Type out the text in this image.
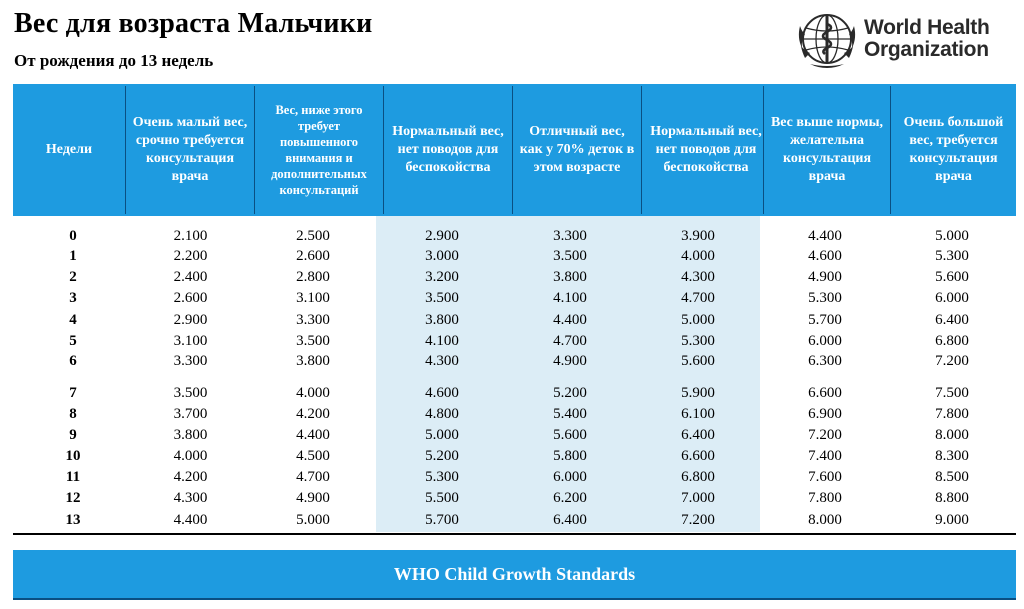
Вес для возраста Мальчики
От рождения до 13 недель
World Health
Organization
Недели
Очень малый вес, срочно требуется консультация врача
Вес, ниже этого требует повышенного внимания и дополнительных консультаций
Нормальный вес, нет поводов для беспокойства
Отличный вес, как у 70% деток в этом возрасте
Нормальный вес, нет поводов для беспокойства
Вес выше нормы, желательна консультация врача
Очень большой вес, требуется консультация врача
0	2.100	2.500	2.900	3.300	3.900	4.400	5.000
1	2.200	2.600	3.000	3.500	4.000	4.600	5.300
2	2.400	2.800	3.200	3.800	4.300	4.900	5.600
3	2.600	3.100	3.500	4.100	4.700	5.300	6.000
4	2.900	3.300	3.800	4.400	5.000	5.700	6.400
5	3.100	3.500	4.100	4.700	5.300	6.000	6.800
6	3.300	3.800	4.300	4.900	5.600	6.300	7.200
7	3.500	4.000	4.600	5.200	5.900	6.600	7.500
8	3.700	4.200	4.800	5.400	6.100	6.900	7.800
9	3.800	4.400	5.000	5.600	6.400	7.200	8.000
10	4.000	4.500	5.200	5.800	6.600	7.400	8.300
11	4.200	4.700	5.300	6.000	6.800	7.600	8.500
12	4.300	4.900	5.500	6.200	7.000	7.800	8.800
13	4.400	5.000	5.700	6.400	7.200	8.000	9.000
WHO Child Growth Standards
